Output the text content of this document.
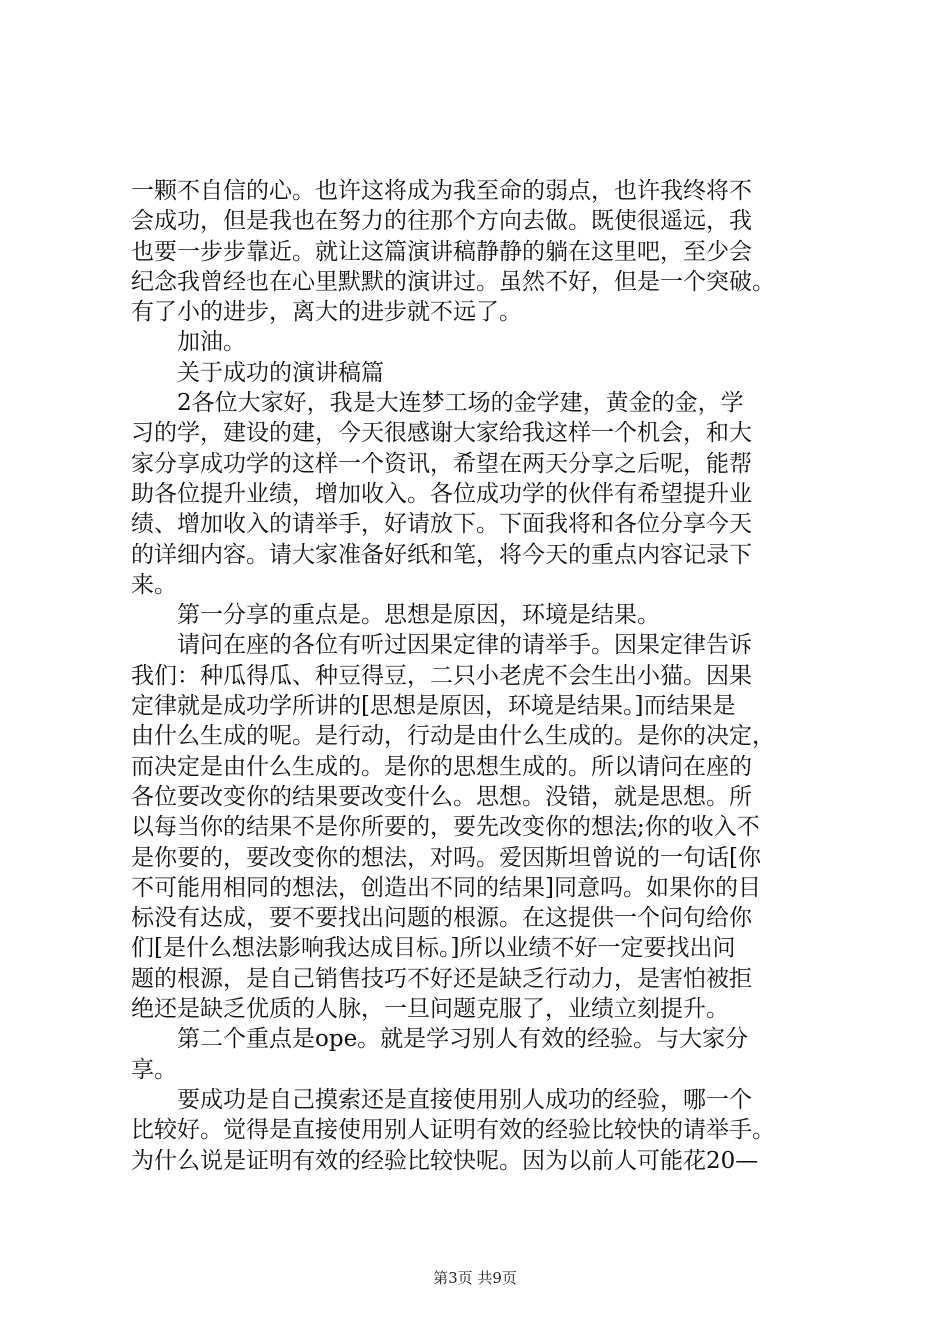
一颗不自信的心。也许这将成为我至命的弱点，也许我终将不
会成功，但是我也在努力的往那个方向去做。既使很遥远，我
也要一步步靠近。就让这篇演讲稿静静的躺在这里吧，至少会
纪念我曾经也在心里默默的演讲过。虽然不好，但是一个突破。
有了小的进步，离大的进步就不远了。
加油。
关于成功的演讲稿篇
2各位大家好，我是大连梦工场的金学建，黄金的金，学
习的学，建设的建，今天很感谢大家给我这样一个机会，和大
家分享成功学的这样一个资讯，希望在两天分享之后呢，能帮
助各位提升业绩，增加收入。各位成功学的伙伴有希望提升业
绩、增加收入的请举手，好请放下。下面我将和各位分享今天
的详细内容。请大家准备好纸和笔，将今天的重点内容记录下
来。
第一分享的重点是。思想是原因，环境是结果。
请问在座的各位有听过因果定律的请举手。因果定律告诉
我们：种瓜得瓜、种豆得豆，二只小老虎不会生出小猫。因果
定律就是成功学所讲的[思想是原因，环境是结果。]而结果是
由什么生成的呢。是行动，行动是由什么生成的。是你的决定，
而决定是由什么生成的。是你的思想生成的。所以请问在座的
各位要改变你的结果要改变什么。思想。没错，就是思想。所
以每当你的结果不是你所要的，要先改变你的想法;你的收入不
是你要的，要改变你的想法，对吗。爱因斯坦曾说的一句话[你
不可能用相同的想法，创造出不同的结果]同意吗。如果你的目
标没有达成，要不要找出问题的根源。在这提供一个问句给你
们[是什么想法影响我达成目标。]所以业绩不好一定要找出问
题的根源，是自己销售技巧不好还是缺乏行动力，是害怕被拒
绝还是缺乏优质的人脉，一旦问题克服了，业绩立刻提升。
第二个重点是ope。就是学习别人有效的经验。与大家分
享。
要成功是自己摸索还是直接使用别人成功的经验，哪一个
比较好。觉得是直接使用别人证明有效的经验比较快的请举手。
为什么说是证明有效的经验比较快呢。因为以前人可能花20—
第3页 共9页
